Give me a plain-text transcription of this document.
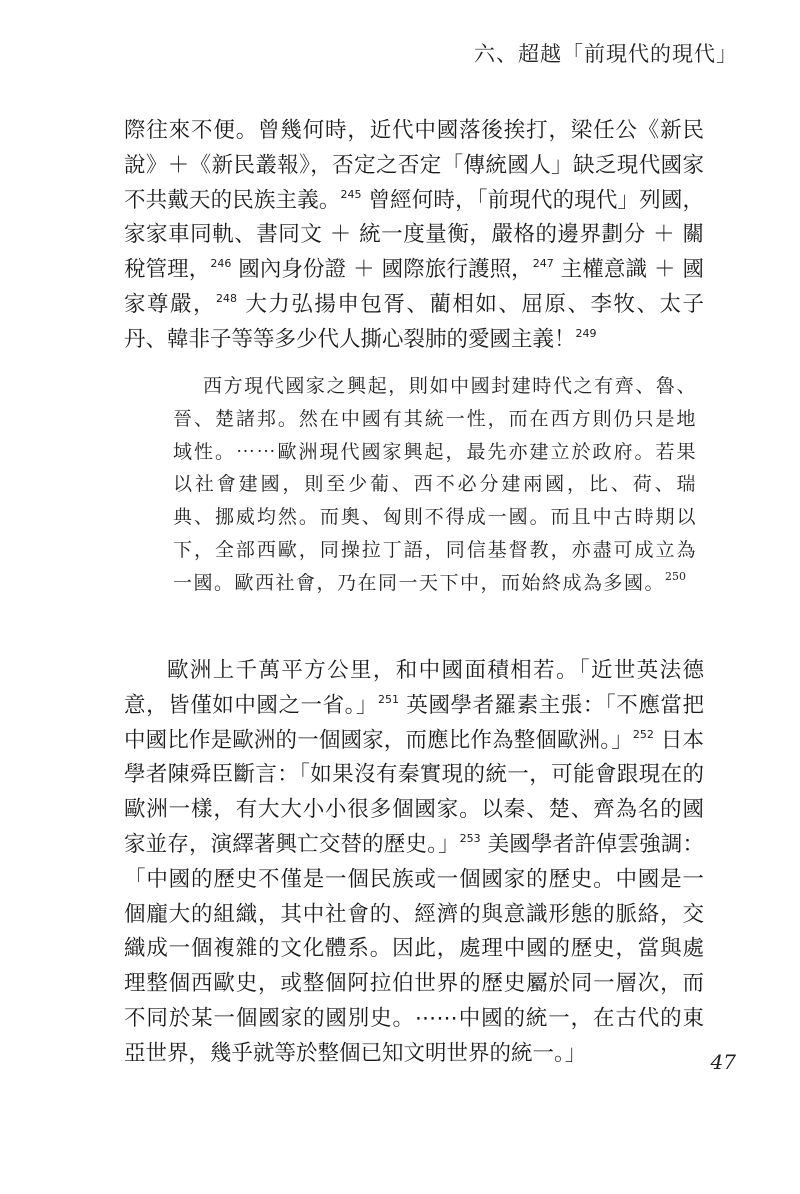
六、超越「前現代的現代」

際往來不便。曾幾何時，近代中國落後挨打，梁任公《新民說》＋《新民叢報》，否定之否定「傳統國人」缺乏現代國家不共戴天的民族主義。$^{245}$ 曾經何時，「前現代的現代」列國，家家車同軌、書同文 ＋ 統一度量衡，嚴格的邊界劃分 ＋ 關稅管理，$^{246}$ 國內身份證 ＋ 國際旅行護照，$^{247}$ 主權意識 ＋ 國家尊嚴，$^{248}$ 大力弘揚申包胥、藺相如、屈原、李牧、太子丹、韓非子等等多少代人撕心裂肺的愛國主義！$^{249}$

西方現代國家之興起，則如中國封建時代之有齊、魯、晉、楚諸邦。然在中國有其統一性，而在西方則仍只是地域性。⋯⋯歐洲現代國家興起，最先亦建立於政府。若果以社會建國，則至少葡、西不必分建兩國，比、荷、瑞典、挪威均然。而奧、匈則不得成一國。而且中古時期以下，全部西歐，同操拉丁語，同信基督教，亦盡可成立為一國。歐西社會，乃在同一天下中，而始終成為多國。$^{250}$

歐洲上千萬平方公里，和中國面積相若。「近世英法德意，皆僅如中國之一省。」$^{251}$ 英國學者羅素主張：「不應當把中國比作是歐洲的一個國家，而應比作為整個歐洲。」$^{252}$ 日本學者陳舜臣斷言：「如果沒有秦實現的統一，可能會跟現在的歐洲一樣，有大大小小很多個國家。以秦、楚、齊為名的國家並存，演繹著興亡交替的歷史。」$^{253}$ 美國學者許倬雲強調：「中國的歷史不僅是一個民族或一個國家的歷史。中國是一個龐大的組織，其中社會的、經濟的與意識形態的脈絡，交織成一個複雜的文化體系。因此，處理中國的歷史，當與處理整個西歐史，或整個阿拉伯世界的歷史屬於同一層次，而不同於某一個國家的國別史。⋯⋯中國的統一，在古代的東亞世界，幾乎就等於整個已知文明世界的統一。」	47
